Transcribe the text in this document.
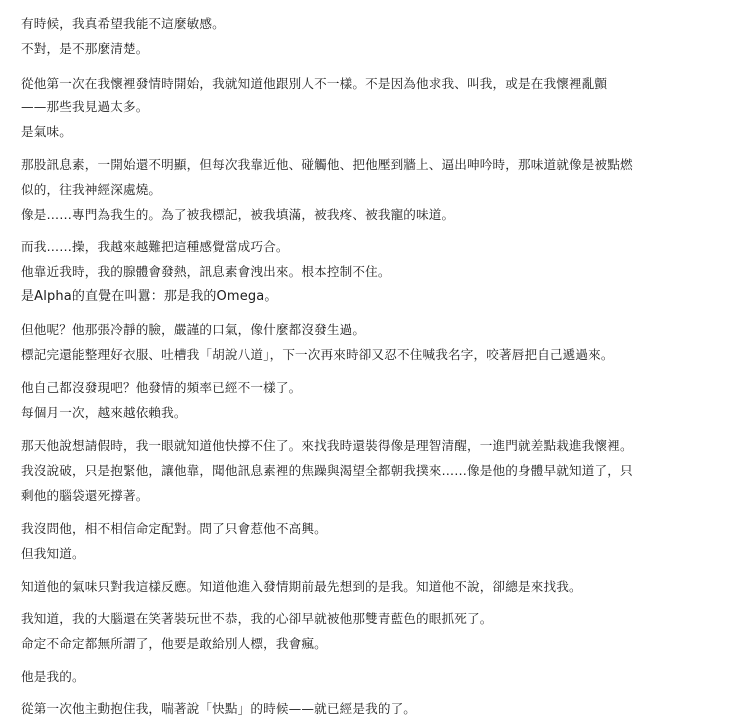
有時候，我真希望我能不這麼敏感。
不對，是不那麼清楚。
從他第一次在我懷裡發情時開始，我就知道他跟別人不一樣。不是因為他求我、叫我，或是在我懷裡亂顫
——那些我見過太多。
是氣味。
那股訊息素，一開始還不明顯，但每次我靠近他、碰觸他、把他壓到牆上、逼出呻吟時，那味道就像是被點燃
似的，往我神經深處燒。
像是……專門為我生的。為了被我標記，被我填滿，被我疼、被我寵的味道。
而我……操，我越來越難把這種感覺當成巧合。
他靠近我時，我的腺體會發熱，訊息素會洩出來。根本控制不住。
是Alpha的直覺在叫囂：那是我的Omega。
但他呢？他那張冷靜的臉，嚴謹的口氣，像什麼都沒發生過。
標記完還能整理好衣服、吐槽我「胡說八道」，下一次再來時卻又忍不住喊我名字，咬著唇把自己遞過來。
他自己都沒發現吧？他發情的頻率已經不一樣了。
每個月一次，越來越依賴我。
那天他說想請假時，我一眼就知道他快撐不住了。來找我時還裝得像是理智清醒，一進門就差點栽進我懷裡。
我沒說破，只是抱緊他，讓他靠，聞他訊息素裡的焦躁與渴望全都朝我撲來……像是他的身體早就知道了，只
剩他的腦袋還死撐著。
我沒問他，相不相信命定配對。問了只會惹他不高興。
但我知道。
知道他的氣味只對我這樣反應。知道他進入發情期前最先想到的是我。知道他不說，卻總是來找我。
我知道，我的大腦還在笑著裝玩世不恭，我的心卻早就被他那雙青藍色的眼抓死了。
命定不命定都無所謂了，他要是敢給別人標，我會瘋。
他是我的。
從第一次他主動抱住我，喘著說「快點」的時候——就已經是我的了。
